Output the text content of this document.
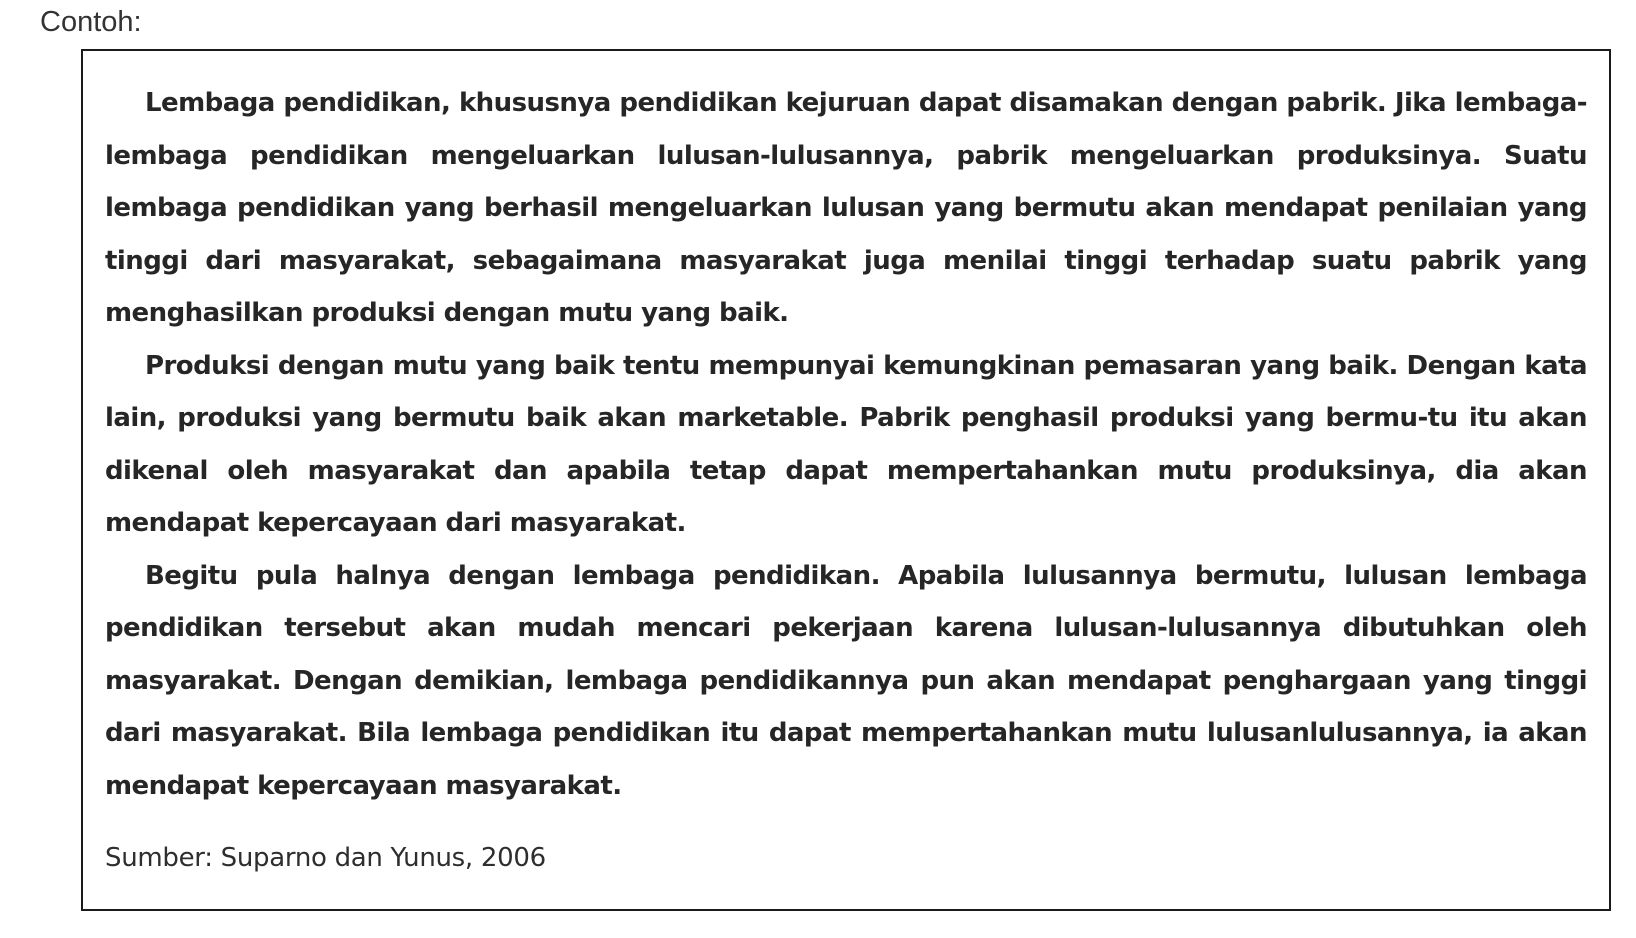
Contoh:

Lembaga pendidikan, khususnya pendidikan kejuruan dapat disamakan dengan pabrik. Jika lembaga-lembaga pendidikan mengeluarkan lulusan-lulusannya, pabrik mengeluarkan produksinya. Suatu lembaga pendidikan yang berhasil mengeluarkan lulusan yang bermutu akan mendapat penilaian yang tinggi dari masyarakat, sebagaimana masyarakat juga menilai tinggi terhadap suatu pabrik yang menghasilkan produksi dengan mutu yang baik.

Produksi dengan mutu yang baik tentu mempunyai kemungkinan pemasaran yang baik. Dengan kata lain, produksi yang bermutu baik akan marketable. Pabrik penghasil produksi yang bermu-tu itu akan dikenal oleh masyarakat dan apabila tetap dapat mempertahankan mutu produksinya, dia akan mendapat kepercayaan dari masyarakat.

Begitu pula halnya dengan lembaga pendidikan. Apabila lulusannya bermutu, lulusan lembaga pendidikan tersebut akan mudah mencari pekerjaan karena lulusan-lulusannya dibutuhkan oleh masyarakat. Dengan demikian, lembaga pendidikannya pun akan mendapat penghargaan yang tinggi dari masyarakat. Bila lembaga pendidikan itu dapat mempertahankan mutu lulusanlulusannya, ia akan mendapat kepercayaan masyarakat.

Sumber: Suparno dan Yunus, 2006
